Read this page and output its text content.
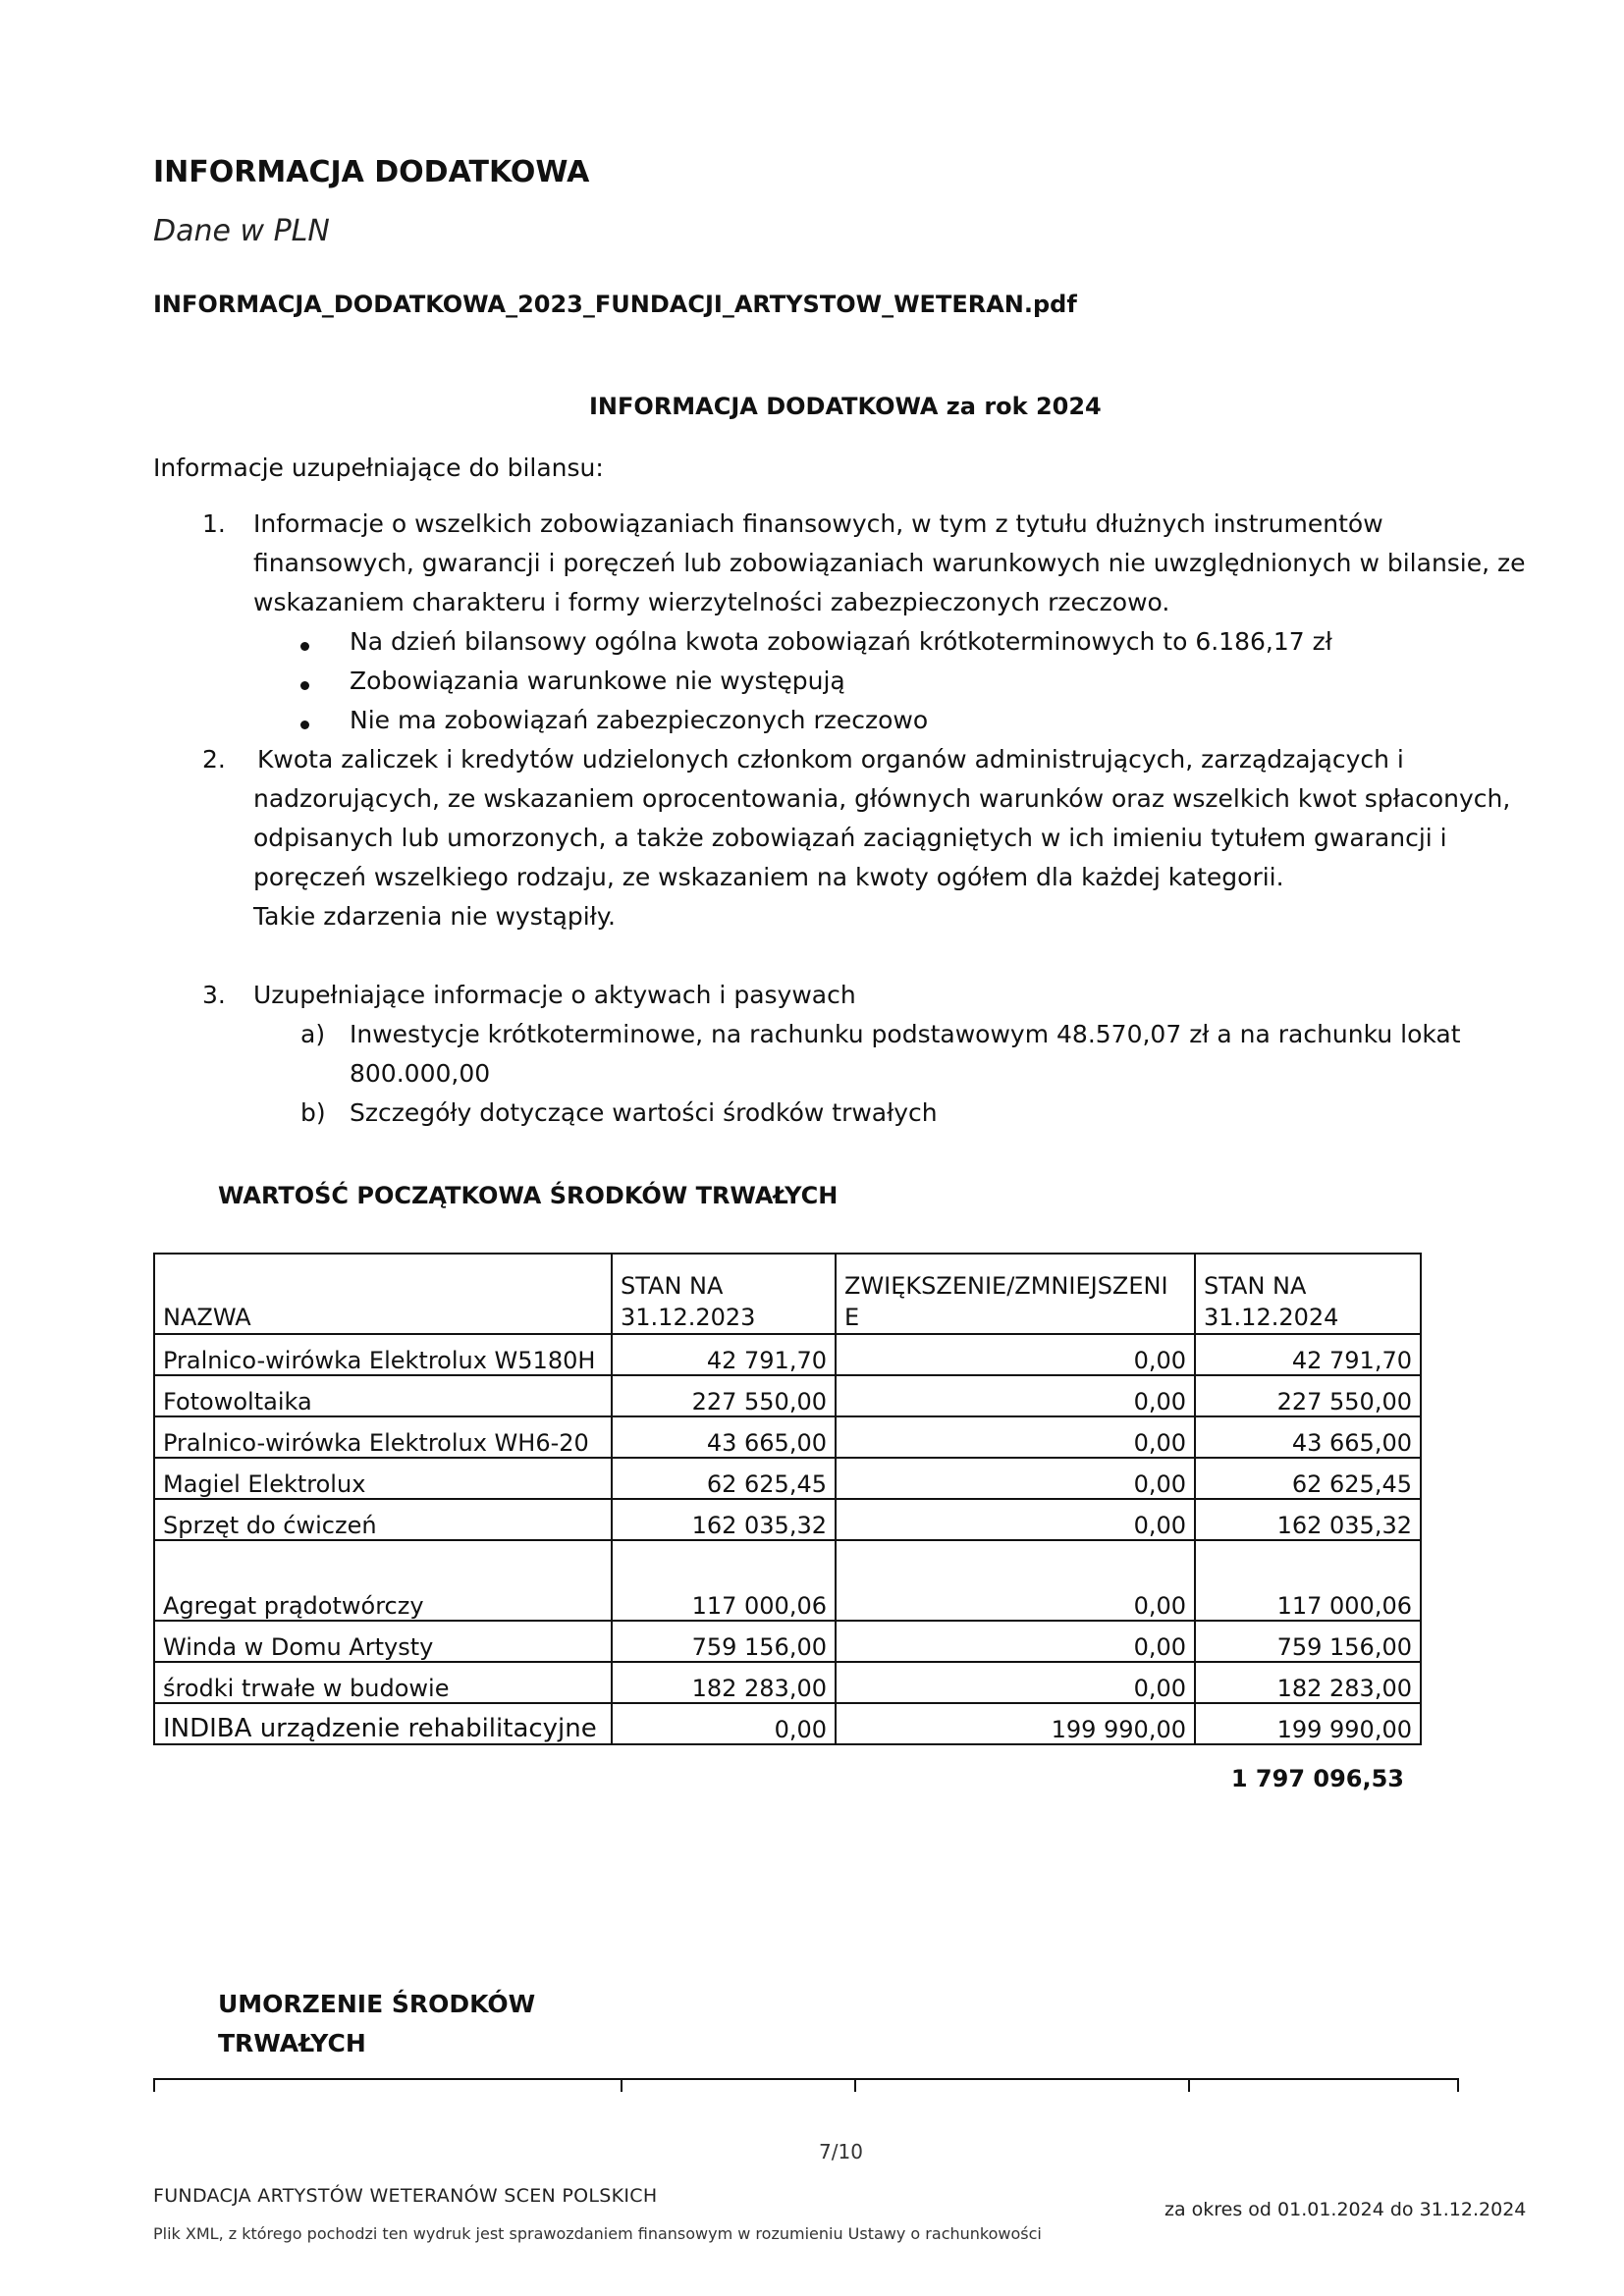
INFORMACJA DODATKOWA
Dane w PLN
INFORMACJA_DODATKOWA_2023_FUNDACJI_ARTYSTOW_WETERAN.pdf
INFORMACJA DODATKOWA za rok 2024
Informacje uzupełniające do bilansu:
1.	Informacje o wszelkich zobowiązaniach finansowych, w tym z tytułu dłużnych instrumentów
finansowych, gwarancji i poręczeń lub zobowiązaniach warunkowych nie uwzględnionych w bilansie, ze
wskazaniem charakteru i formy wierzytelności zabezpieczonych rzeczowo.
Na dzień bilansowy ogólna kwota zobowiązań krótkoterminowych to 6.186,17 zł
Zobowiązania warunkowe nie występują
Nie ma zobowiązań zabezpieczonych rzeczowo
2.	Kwota zaliczek i kredytów udzielonych członkom organów administrujących, zarządzających i
nadzorujących, ze wskazaniem oprocentowania, głównych warunków oraz wszelkich kwot spłaconych,
odpisanych lub umorzonych, a także zobowiązań zaciągniętych w ich imieniu tytułem gwarancji i
poręczeń wszelkiego rodzaju, ze wskazaniem na kwoty ogółem dla każdej kategorii.
Takie zdarzenia nie wystąpiły.
3.	Uzupełniające informacje o aktywach i pasywach
a) Inwestycje krótkoterminowe, na rachunku podstawowym 48.570,07 zł a na rachunku lokat
800.000,00
b) Szczegóły dotyczące wartości środków trwałych
WARTOŚĆ POCZĄTKOWA ŚRODKÓW TRWAŁYCH
NAZWA	STAN NA 31.12.2023	ZWIĘKSZENIE/ZMNIEJSZENI E	STAN NA 31.12.2024
Pralnico-wirówka Elektrolux W5180H	42 791,70	0,00	42 791,70
Fotowoltaika	227 550,00	0,00	227 550,00
Pralnico-wirówka Elektrolux WH6-20	43 665,00	0,00	43 665,00
Magiel Elektrolux	62 625,45	0,00	62 625,45
Sprzęt do ćwiczeń	162 035,32	0,00	162 035,32
Agregat prądotwórczy	117 000,06	0,00	117 000,06
Winda w Domu Artysty	759 156,00	0,00	759 156,00
środki trwałe w budowie	182 283,00	0,00	182 283,00
INDIBA urządzenie rehabilitacyjne	0,00	199 990,00	199 990,00
1 797 096,53
UMORZENIE ŚRODKÓW
TRWAŁYCH
7/10
FUNDACJA ARTYSTÓW WETERANÓW SCEN POLSKICH
Plik XML, z którego pochodzi ten wydruk jest sprawozdaniem finansowym w rozumieniu Ustawy o rachunkowości
za okres od 01.01.2024 do 31.12.2024
